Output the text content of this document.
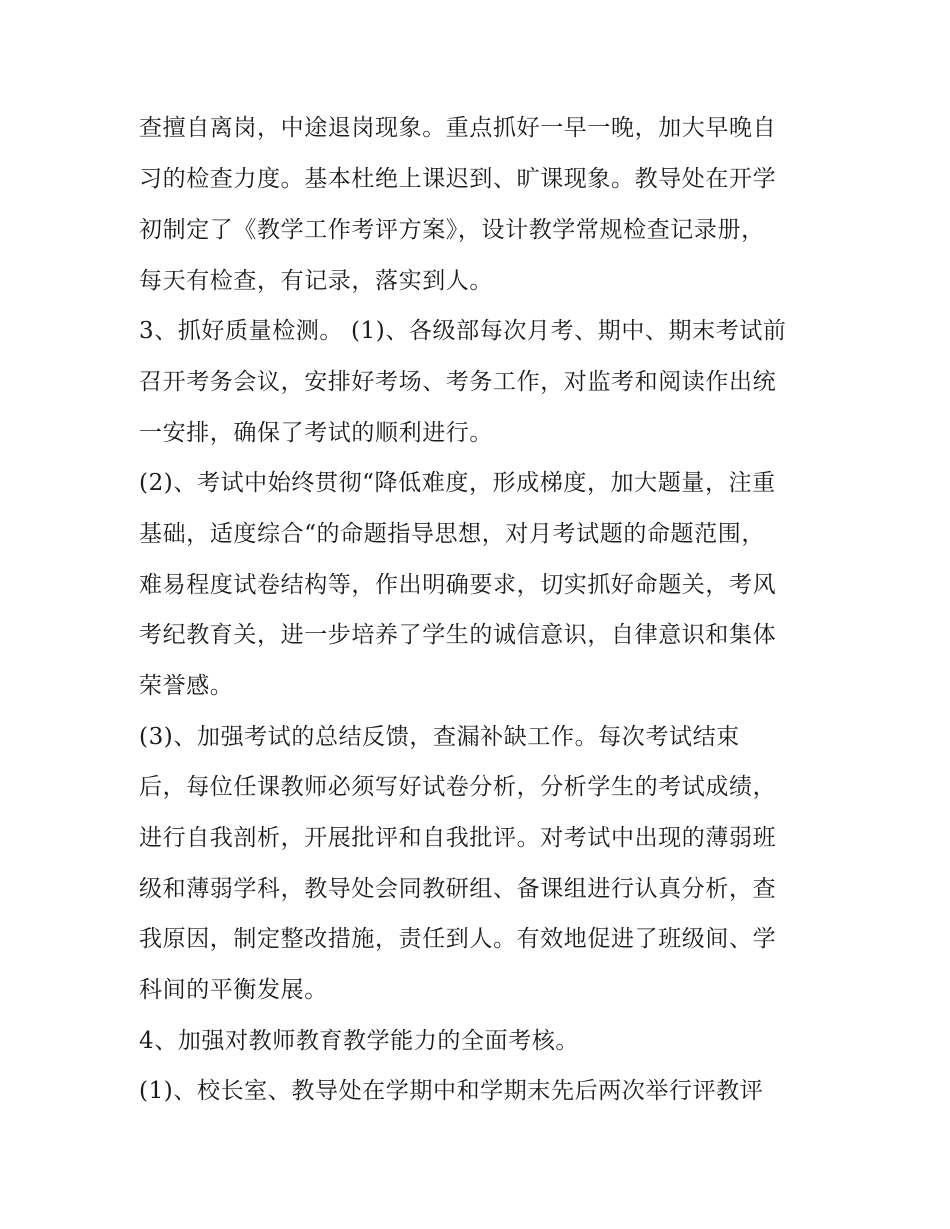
查擅自离岗，中途退岗现象。重点抓好一早一晚，加大早晚自
习的检查力度。基本杜绝上课迟到、旷课现象。教导处在开学
初制定了《教学工作考评方案》，设计教学常规检查记录册，
每天有检查，有记录，落实到人。
3、抓好质量检测。 (1)、各级部每次月考、期中、期末考试前
召开考务会议，安排好考场、考务工作，对监考和阅读作出统
一安排，确保了考试的顺利进行。
(2)、考试中始终贯彻“降低难度，形成梯度，加大题量，注重
基础，适度综合“的命题指导思想，对月考试题的命题范围，
难易程度试卷结构等，作出明确要求，切实抓好命题关，考风
考纪教育关，进一步培养了学生的诚信意识，自律意识和集体
荣誉感。
(3)、加强考试的总结反馈，查漏补缺工作。每次考试结束
后，每位任课教师必须写好试卷分析，分析学生的考试成绩，
进行自我剖析，开展批评和自我批评。对考试中出现的薄弱班
级和薄弱学科，教导处会同教研组、备课组进行认真分析，查
我原因，制定整改措施，责任到人。有效地促进了班级间、学
科间的平衡发展。
4、加强对教师教育教学能力的全面考核。
(1)、校长室、教导处在学期中和学期末先后两次举行评教评
